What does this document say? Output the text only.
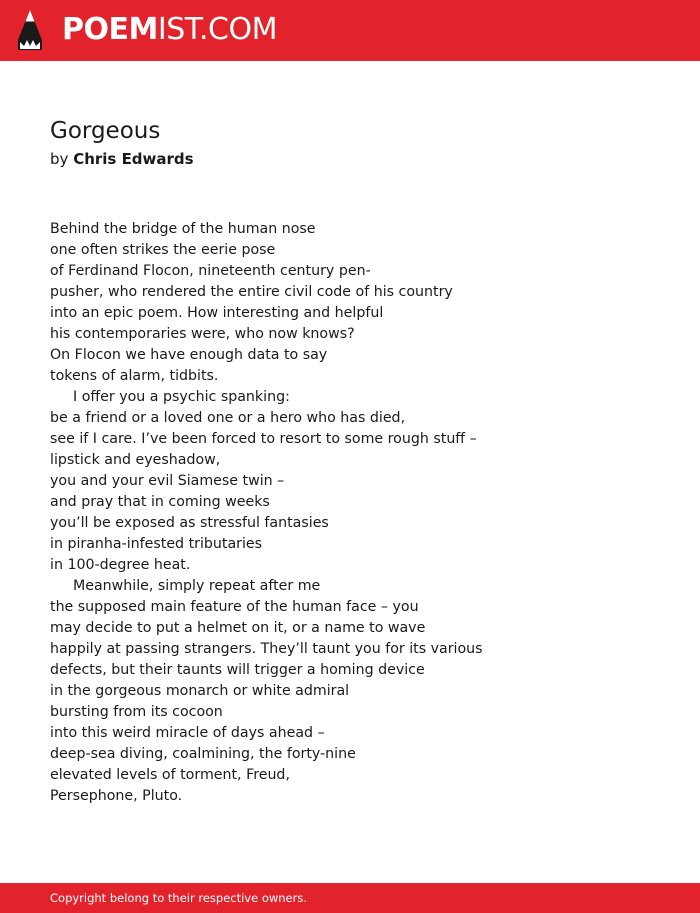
POEMIST.COM
Gorgeous
by Chris Edwards
Behind the bridge of the human nose
one often strikes the eerie pose
of Ferdinand Flocon, nineteenth century pen-
pusher, who rendered the entire civil code of his country
into an epic poem. How interesting and helpful
his contemporaries were, who now knows?
On Flocon we have enough data to say
tokens of alarm, tidbits.
I offer you a psychic spanking:
be a friend or a loved one or a hero who has died,
see if I care. I’ve been forced to resort to some rough stuff –
lipstick and eyeshadow,
you and your evil Siamese twin –
and pray that in coming weeks
you’ll be exposed as stressful fantasies
in piranha-infested tributaries
in 100-degree heat.
Meanwhile, simply repeat after me
the supposed main feature of the human face – you
may decide to put a helmet on it, or a name to wave
happily at passing strangers. They’ll taunt you for its various
defects, but their taunts will trigger a homing device
in the gorgeous monarch or white admiral
bursting from its cocoon
into this weird miracle of days ahead –
deep-sea diving, coalmining, the forty-nine
elevated levels of torment, Freud,
Persephone, Pluto.
Copyright belong to their respective owners.
